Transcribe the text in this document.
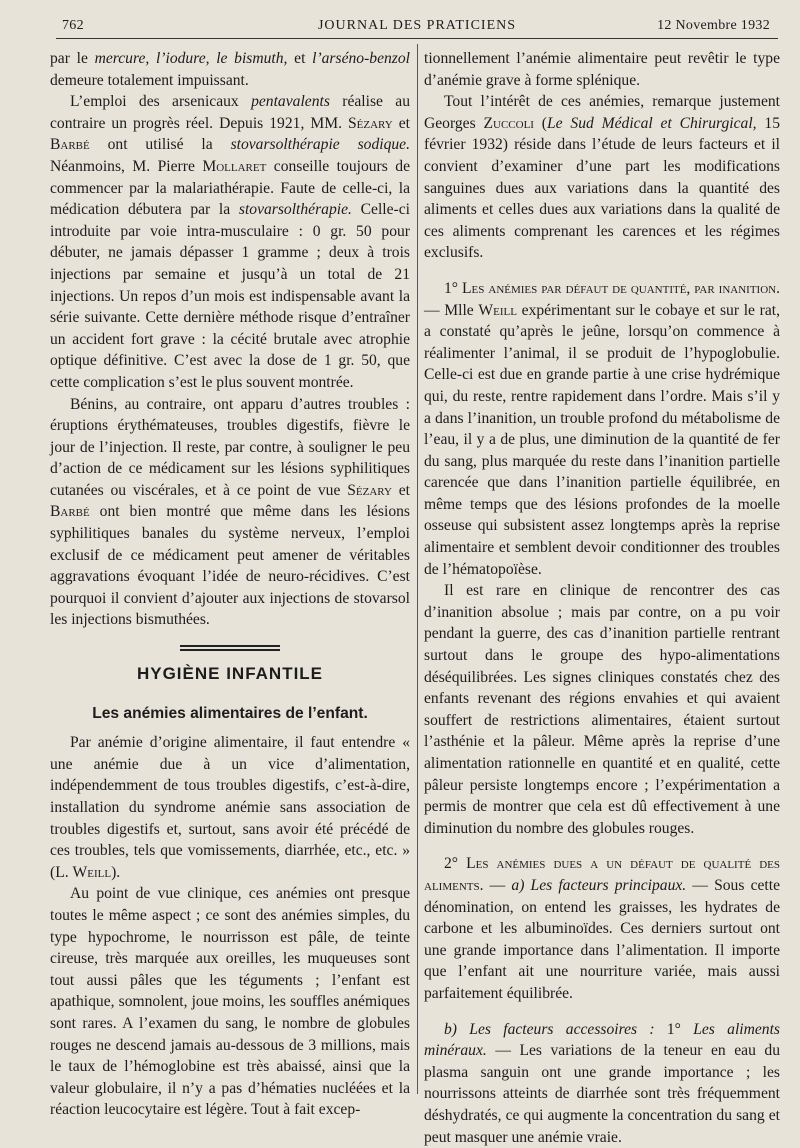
762	JOURNAL DES PRATICIENS	12 Novembre 1932

par le mercure, l’iodure, le bismuth, et l’arséno-benzol demeure totalement impuissant.

L’emploi des arsenicaux pentavalents réalise au contraire un progrès réel. Depuis 1921, MM. Sézary et Barbé ont utilisé la stovarsolthérapie sodique. Néanmoins, M. Pierre Mollaret conseille toujours de commencer par la malariathérapie. Faute de celle-ci, la médication débutera par la stovarsolthérapie. Celle-ci introduite par voie intra-musculaire : 0 gr. 50 pour débuter, ne jamais dépasser 1 gramme ; deux à trois injections par semaine et jusqu’à un total de 21 injections. Un repos d’un mois est indispensable avant la série suivante. Cette dernière méthode risque d’entraîner un accident fort grave : la cécité brutale avec atrophie optique définitive. C’est avec la dose de 1 gr. 50, que cette complication s’est le plus souvent montrée.

Bénins, au contraire, ont apparu d’autres troubles : éruptions érythémateuses, troubles digestifs, fièvre le jour de l’injection. Il reste, par contre, à souligner le peu d’action de ce médicament sur les lésions syphilitiques cutanées ou viscérales, et à ce point de vue Sézary et Barbé ont bien montré que même dans les lésions syphilitiques banales du système nerveux, l’emploi exclusif de ce médicament peut amener de véritables aggravations évoquant l’idée de neuro-récidives. C’est pourquoi il convient d’ajouter aux injections de stovarsol les injections bismuthées.

HYGIÈNE INFANTILE
Les anémies alimentaires de l’enfant.

Par anémie d’origine alimentaire, il faut entendre « une anémie due à un vice d’alimentation, indépendemment de tous troubles digestifs, c’est-à-dire, installation du syndrome anémie sans association de troubles digestifs et, surtout, sans avoir été précédé de ces troubles, tels que vomissements, diarrhée, etc., etc. » (L. Weill).

Au point de vue clinique, ces anémies ont presque toutes le même aspect ; ce sont des anémies simples, du type hypochrome, le nourrisson est pâle, de teinte cireuse, très marquée aux oreilles, les muqueuses sont tout aussi pâles que les téguments ; l’enfant est apathique, somnolent, joue moins, les souffles anémiques sont rares. A l’examen du sang, le nombre de globules rouges ne descend jamais au-dessous de 3 millions, mais le taux de l’hémoglobine est très abaissé, ainsi que la valeur globulaire, il n’y a pas d’hématies nucléées et la réaction leucocytaire est légère. Tout à fait excep-

tionnellement l’anémie alimentaire peut revêtir le type d’anémie grave à forme splénique.

Tout l’intérêt de ces anémies, remarque justement Georges Zuccoli (Le Sud Médical et Chirurgical, 15 février 1932) réside dans l’étude de leurs facteurs et il convient d’examiner d’une part les modifications sanguines dues aux variations dans la quantité des aliments et celles dues aux variations dans la qualité de ces aliments comprenant les carences et les régimes exclusifs.

1° Les anémies par défaut de quantité, par inanition. — Mlle Weill expérimentant sur le cobaye et sur le rat, a constaté qu’après le jeûne, lorsqu’on commence à réalimenter l’animal, il se produit de l’hypoglobulie. Celle-ci est due en grande partie à une crise hydrémique qui, du reste, rentre rapidement dans l’ordre. Mais s’il y a dans l’inanition, un trouble profond du métabolisme de l’eau, il y a de plus, une diminution de la quantité de fer du sang, plus marquée du reste dans l’inanition partielle carencée que dans l’inanition partielle équilibrée, en même temps que des lésions profondes de la moelle osseuse qui subsistent assez longtemps après la reprise alimentaire et semblent devoir conditionner des troubles de l’hématopoïèse.

Il est rare en clinique de rencontrer des cas d’inanition absolue ; mais par contre, on a pu voir pendant la guerre, des cas d’inanition partielle rentrant surtout dans le groupe des hypo-alimentations déséquilibrées. Les signes cliniques constatés chez des enfants revenant des régions envahies et qui avaient souffert de restrictions alimentaires, étaient surtout l’asthénie et la pâleur. Même après la reprise d’une alimentation rationnelle en quantité et en qualité, cette pâleur persiste longtemps encore ; l’expérimentation a permis de montrer que cela est dû effectivement à une diminution du nombre des globules rouges.

2° Les anémies dues a un défaut de qualité des aliments. — a) Les facteurs principaux. — Sous cette dénomination, on entend les graisses, les hydrates de carbone et les albuminoïdes. Ces derniers surtout ont une grande importance dans l’alimentation. Il importe que l’enfant ait une nourriture variée, mais aussi parfaitement équilibrée.

b) Les facteurs accessoires : 1° Les aliments minéraux. — Les variations de la teneur en eau du plasma sanguin ont une grande importance ; les nourrissons atteints de diarrhée sont très fréquemment déshydratés, ce qui augmente la concentration du sang et peut masquer une anémie vraie.
